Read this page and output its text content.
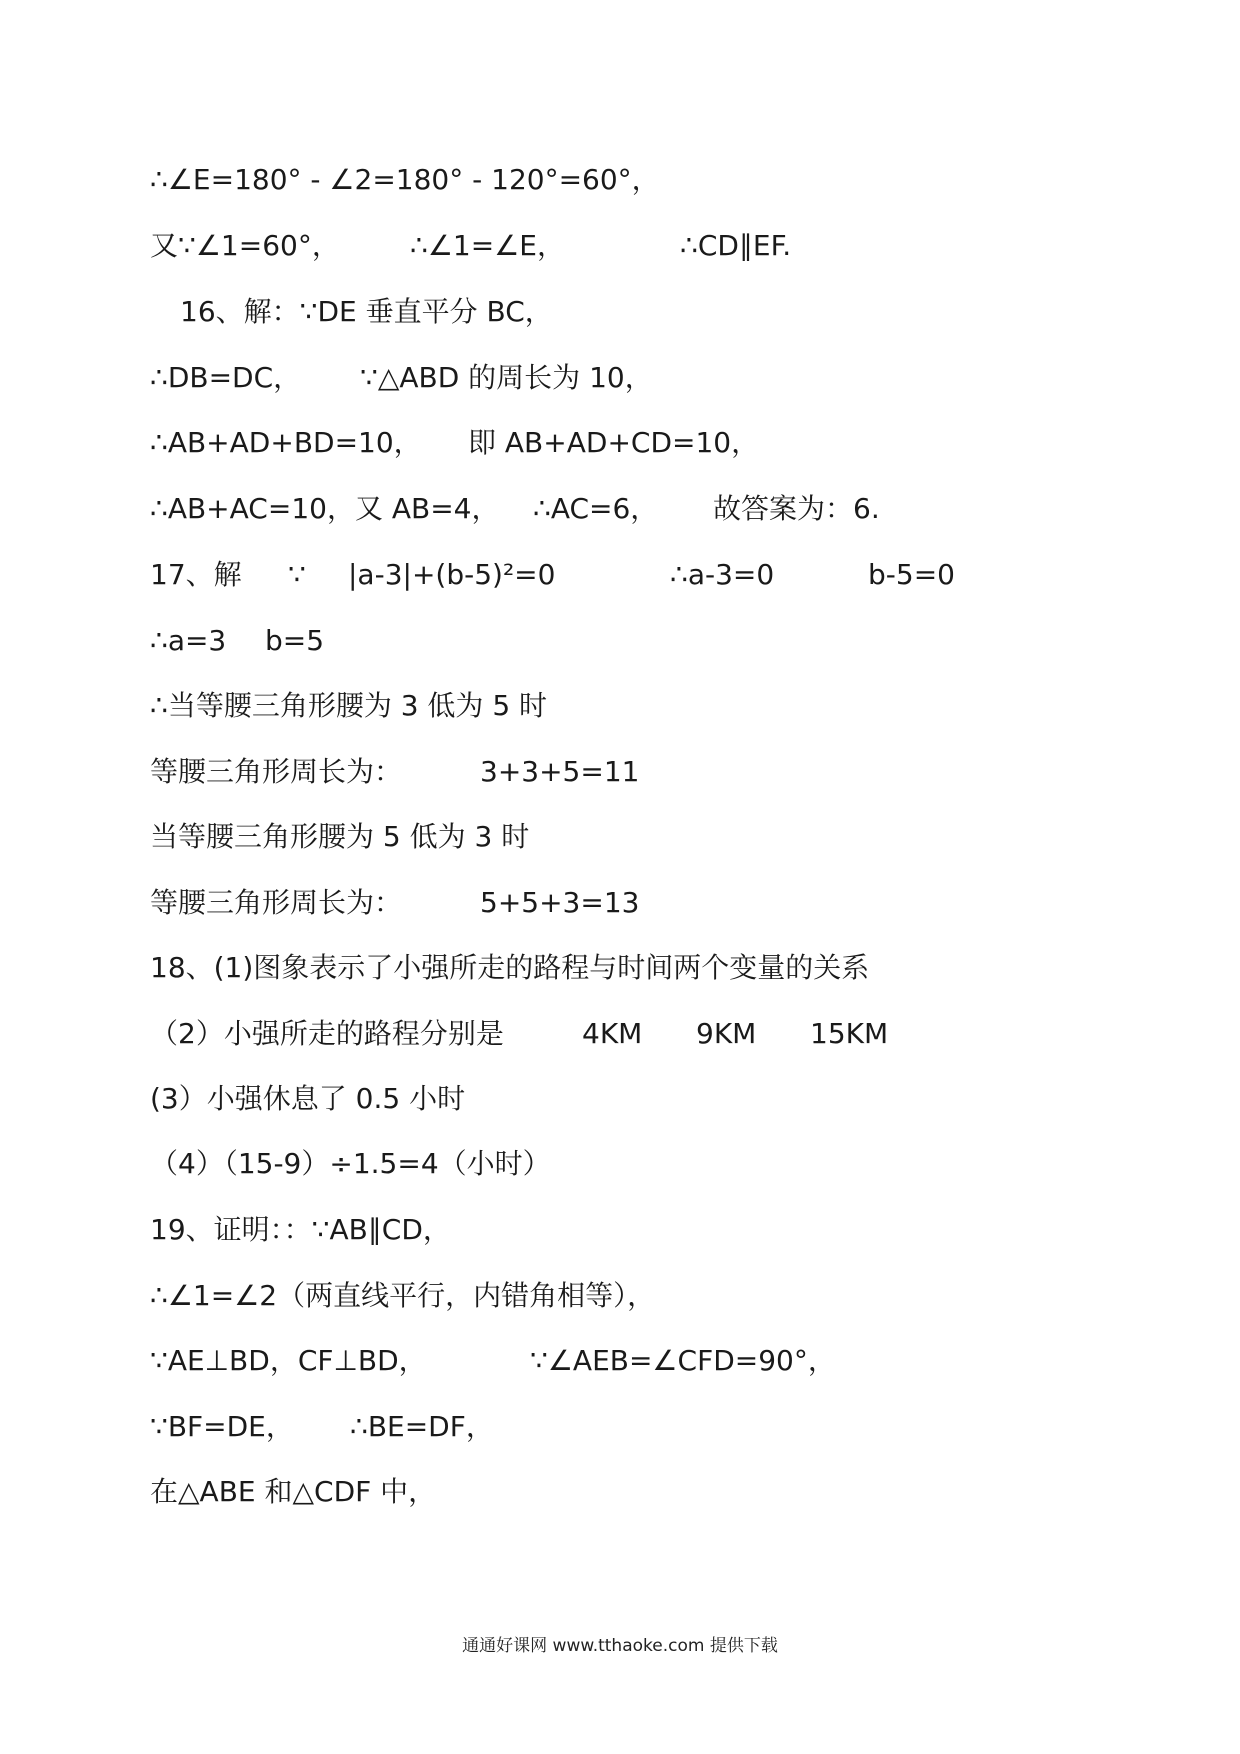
∴∠E=180° - ∠2=180° - 120°=60°，
又∵∠1=60°，	∴∠1=∠E，	∴CD∥EF.
16、解：∵DE 垂直平分 BC，
∴DB=DC， ∵△ABD 的周长为 10，
∴AB+AD+BD=10， 即 AB+AD+CD=10，
∴AB+AC=10，又 AB=4， ∴AC=6， 故答案为：6.
17、解 ∵ |a-3|+(b-5)²=0	∴a-3=0	b-5=0
∴a=3 b=5
∴当等腰三角形腰为 3 低为 5 时
等腰三角形周长为：	3+3+5=11
当等腰三角形腰为 5 低为 3 时
等腰三角形周长为：	5+5+3=13
18、(1)图象表示了小强所走的路程与时间两个变量的关系
（2）小强所走的路程分别是	4KM 9KM 15KM
(3）小强休息了 0.5 小时
（4）（15-9）÷1.5=4（小时）
19、证明：：∵AB∥CD，
∴∠1=∠2（两直线平行，内错角相等），
∵AE⊥BD，CF⊥BD，	∵∠AEB=∠CFD=90°，
∵BF=DE， ∴BE=DF，
在△ABE 和△CDF 中，
通通好课网 www.tthaoke.com 提供下载
